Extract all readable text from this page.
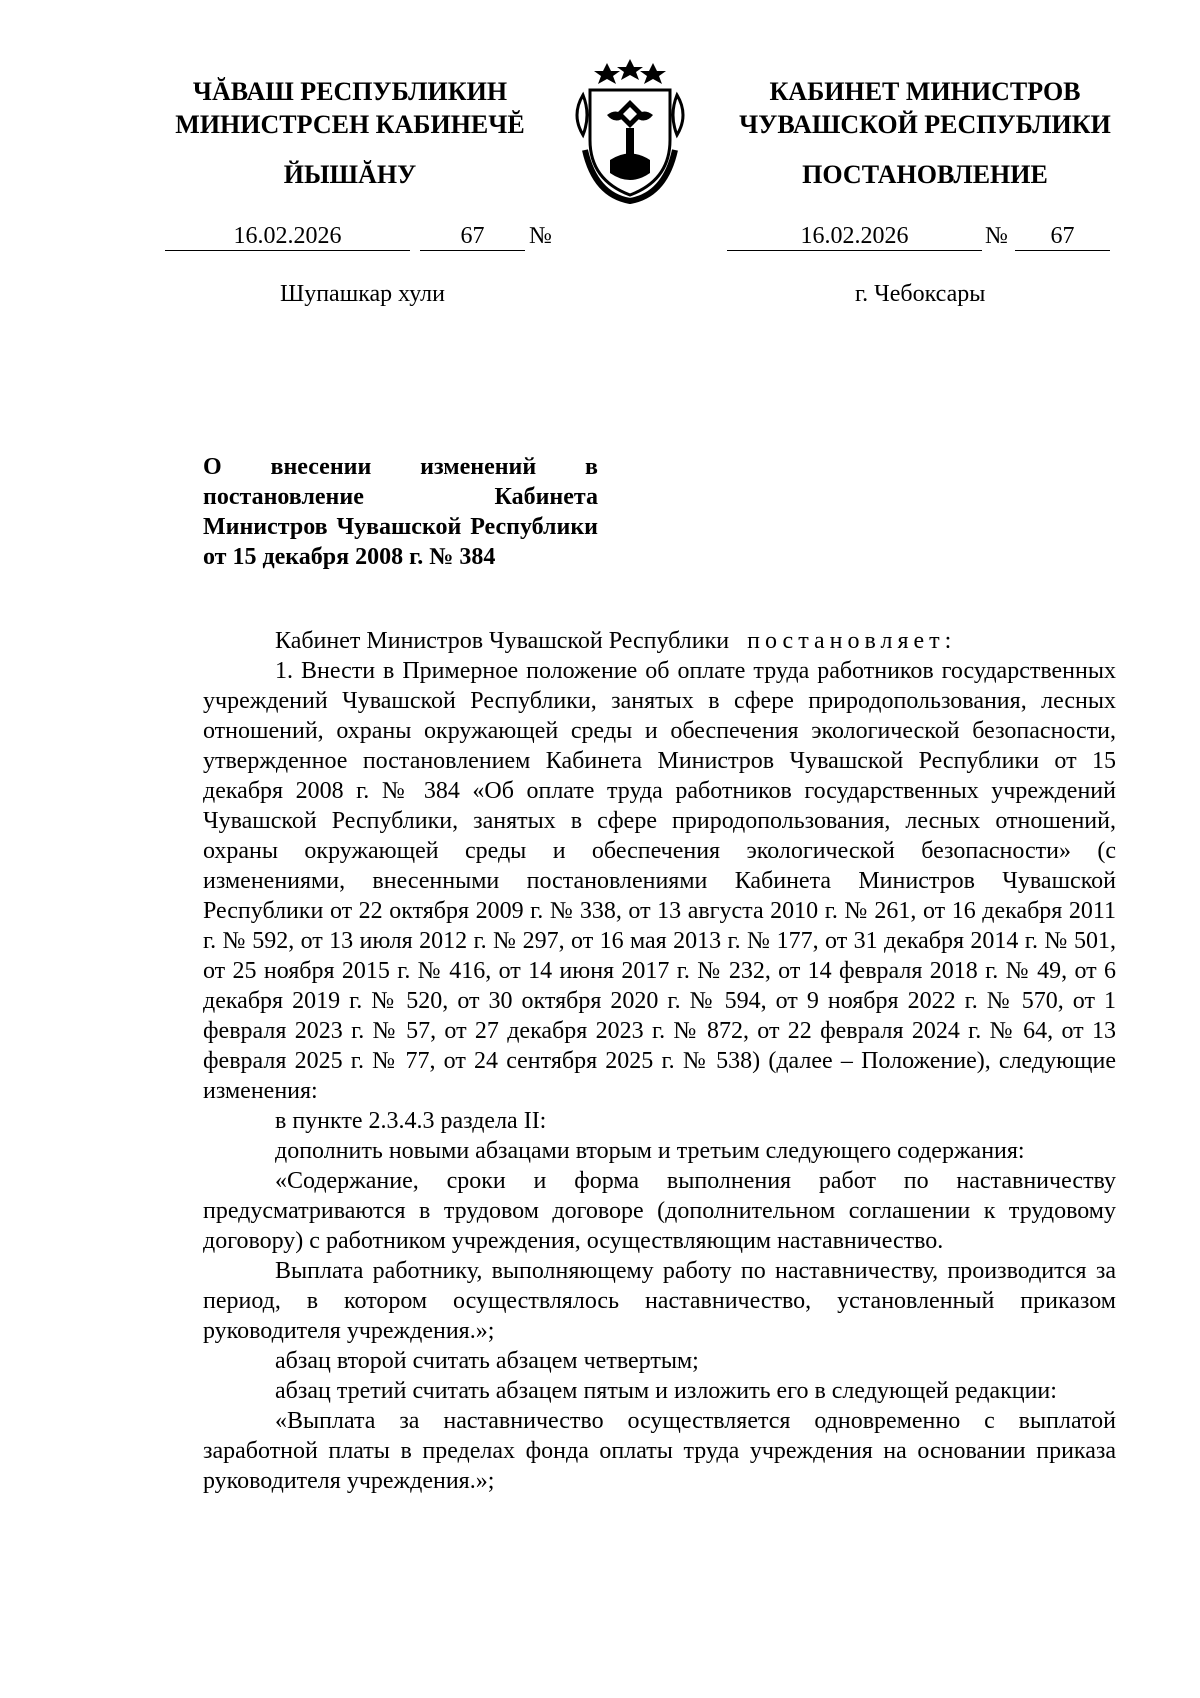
ЧĂВАШ РЕСПУБЛИКИН
МИНИСТРСЕН КАБИНЕЧĔ
ЙЫШĂНУ
КАБИНЕТ МИНИСТРОВ
ЧУВАШСКОЙ РЕСПУБЛИКИ
ПОСТАНОВЛЕНИЕ
16.02.2026	67	№	16.02.2026	№	67
Шупашкар хули	г. Чебоксары
О внесении изменений в постановление Кабинета Министров Чувашской Республики от 15 декабря 2008 г. № 384

Кабинет Министров Чувашской Республики постановляет:

1. Внести в Примерное положение об оплате труда работников государственных учреждений Чувашской Республики, занятых в сфере природопользования, лесных отношений, охраны окружающей среды и обеспечения экологической безопасности, утвержденное постановлением Кабинета Министров Чувашской Республики от 15 декабря 2008 г. № 384 «Об оплате труда работников государственных учреждений Чувашской Республики, занятых в сфере природопользования, лесных отношений, охраны окружающей среды и обеспечения экологической безопасности» (с изменениями, внесенными постановлениями Кабинета Министров Чувашской Республики от 22 октября 2009 г. № 338, от 13 августа 2010 г. № 261, от 16 декабря 2011 г. № 592, от 13 июля 2012 г. № 297, от 16 мая 2013 г. № 177, от 31 декабря 2014 г. № 501, от 25 ноября 2015 г. № 416, от 14 июня 2017 г. № 232, от 14 февраля 2018 г. № 49, от 6 декабря 2019 г. № 520, от 30 октября 2020 г. № 594, от 9 ноября 2022 г. № 570, от 1 февраля 2023 г. № 57, от 27 декабря 2023 г. № 872, от 22 февраля 2024 г. № 64, от 13 февраля 2025 г. № 77, от 24 сентября 2025 г. № 538) (далее – Положение), следующие изменения:

в пункте 2.3.4.3 раздела II:

дополнить новыми абзацами вторым и третьим следующего содержания:

«Содержание, сроки и форма выполнения работ по наставничеству предусматриваются в трудовом договоре (дополнительном соглашении к трудовому договору) с работником учреждения, осуществляющим наставничество.

Выплата работнику, выполняющему работу по наставничеству, производится за период, в котором осуществлялось наставничество, установленный приказом руководителя учреждения.»;

абзац второй считать абзацем четвертым;

абзац третий считать абзацем пятым и изложить его в следующей редакции:

«Выплата за наставничество осуществляется одновременно с выплатой заработной платы в пределах фонда оплаты труда учреждения на основании приказа руководителя учреждения.»;
